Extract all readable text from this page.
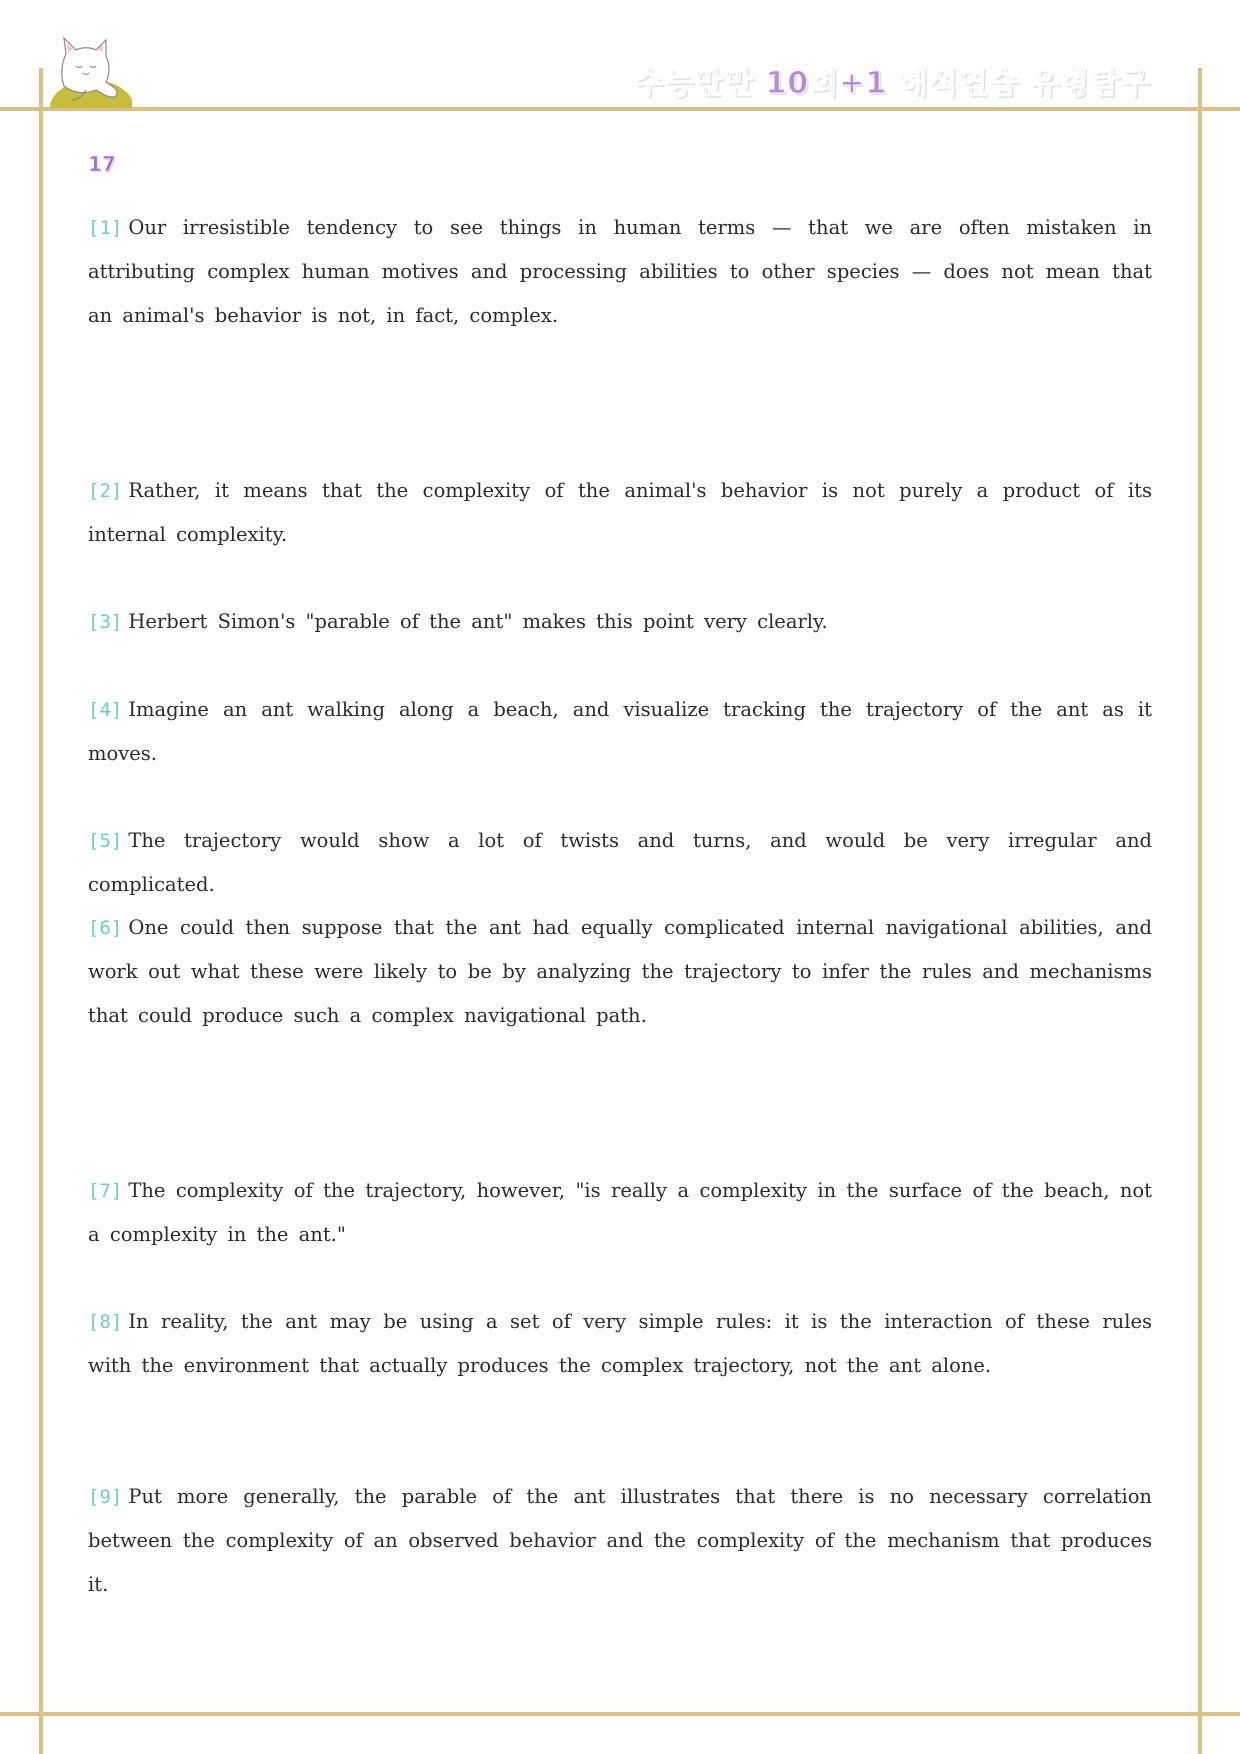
수능만만 10회+1 해석연습 유형탐구
17
[1] Our irresistible tendency to see things in human terms — that we are often mistaken in attributing complex human motives and processing abilities to other species — does not mean that an animal's behavior is not, in fact, complex.
[2] Rather, it means that the complexity of the animal's behavior is not purely a product of its internal complexity.
[3] Herbert Simon's "parable of the ant" makes this point very clearly.
[4] Imagine an ant walking along a beach, and visualize tracking the trajectory of the ant as it moves.
[5] The trajectory would show a lot of twists and turns, and would be very irregular and complicated.
[6] One could then suppose that the ant had equally complicated internal navigational abilities, and work out what these were likely to be by analyzing the trajectory to infer the rules and mechanisms that could produce such a complex navigational path.
[7] The complexity of the trajectory, however, "is really a complexity in the surface of the beach, not a complexity in the ant."
[8] In reality, the ant may be using a set of very simple rules: it is the interaction of these rules with the environment that actually produces the complex trajectory, not the ant alone.
[9] Put more generally, the parable of the ant illustrates that there is no necessary correlation between the complexity of an observed behavior and the complexity of the mechanism that produces it.
